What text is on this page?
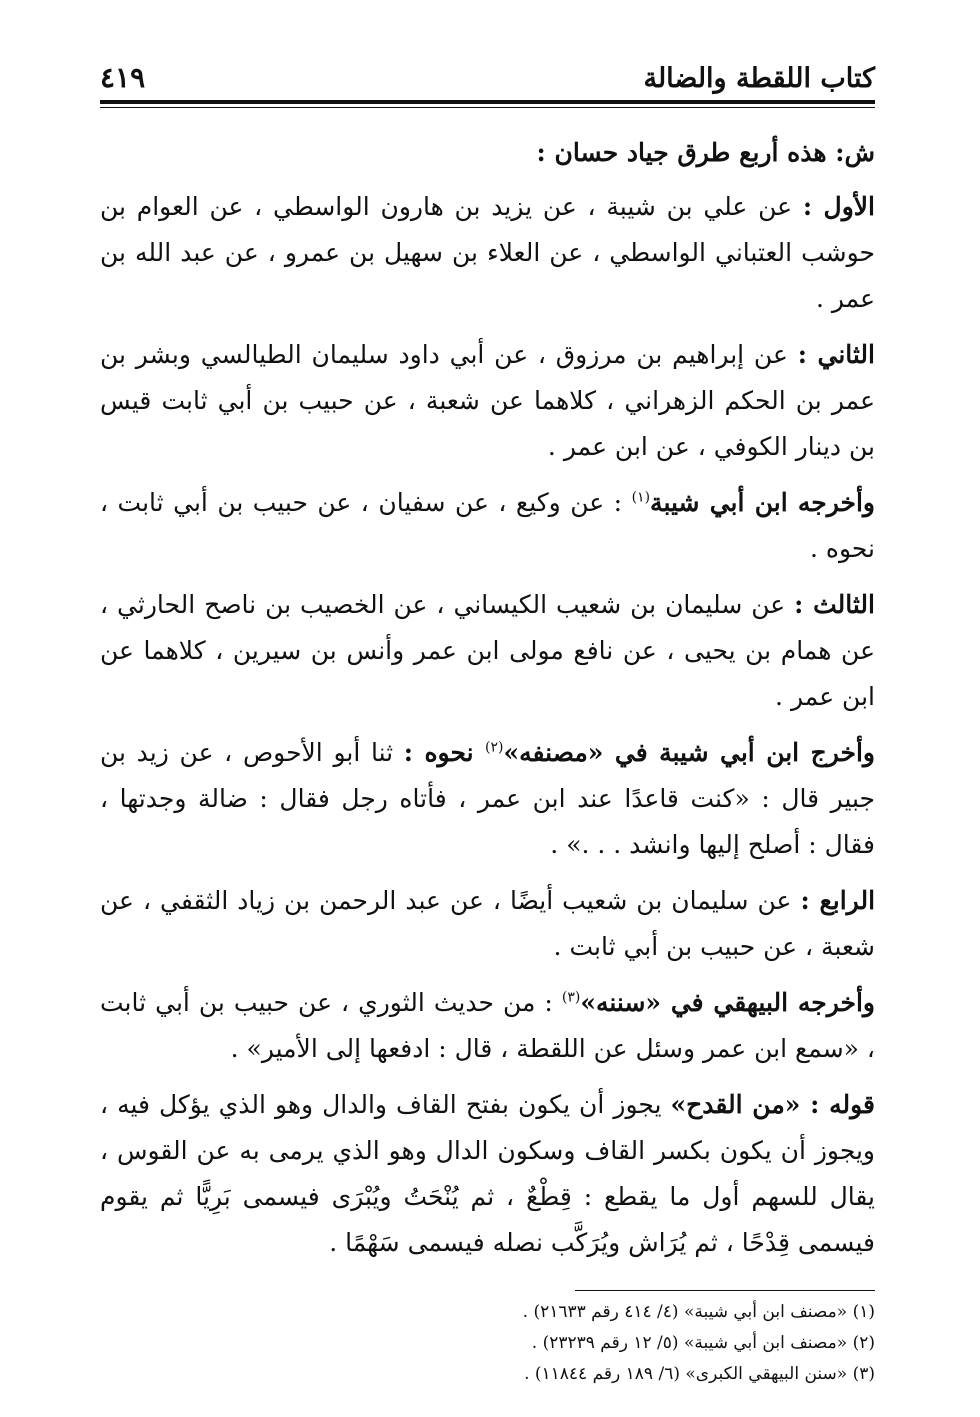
كتاب اللقطة والضالة
٤١٩

ش: هذه أربع طرق جياد حسان :

الأول : عن علي بن شيبة ، عن يزيد بن هارون الواسطي ، عن العوام بن حوشب العتباني الواسطي ، عن العلاء بن سهيل بن عمرو ، عن عبد الله بن عمر .

الثاني : عن إبراهيم بن مرزوق ، عن أبي داود سليمان الطيالسي وبشر بن عمر بن الحكم الزهراني ، كلاهما عن شعبة ، عن حبيب بن أبي ثابت قيس بن دينار الكوفي ، عن ابن عمر .

وأخرجه ابن أبي شيبة$^{(١)}$ : عن وكيع ، عن سفيان ، عن حبيب بن أبي ثابت ، نحوه .

الثالث : عن سليمان بن شعيب الكيساني ، عن الخصيب بن ناصح الحارثي ، عن همام بن يحيى ، عن نافع مولى ابن عمر وأنس بن سيرين ، كلاهما عن ابن عمر .

وأخرج ابن أبي شيبة في «مصنفه»$^{(٢)}$ نحوه : ثنا أبو الأحوص ، عن زيد بن جبير قال : «كنت قاعدًا عند ابن عمر ، فأتاه رجل فقال : ضالة وجدتها ، فقال : أصلح إليها وانشد . . .» .

الرابع : عن سليمان بن شعيب أيضًا ، عن عبد الرحمن بن زياد الثقفي ، عن شعبة ، عن حبيب بن أبي ثابت .

وأخرجه البيهقي في «سننه»$^{(٣)}$ : من حديث الثوري ، عن حبيب بن أبي ثابت ، «سمع ابن عمر وسئل عن اللقطة ، قال : ادفعها إلى الأمير» .

قوله : «من القدح» يجوز أن يكون بفتح القاف والدال وهو الذي يؤكل فيه ، ويجوز أن يكون بكسر القاف وسكون الدال وهو الذي يرمى به عن القوس ، يقال للسهم أول ما يقطع : قِطْعٌ ، ثم يُنْحَتُ ويُبْرَى فيسمى بَرِيًّا ثم يقوم فيسمى قِدْحًا ، ثم يُرَاش ويُرَكَّب نصله فيسمى سَهْمًا .

(١) «مصنف ابن أبي شيبة» (٤/ ٤١٤ رقم ٢١٦٣٣) .

(٢) «مصنف ابن أبي شيبة» (٥/ ١٢ رقم ٢٣٢٣٩) .

(٣) «سنن البيهقي الكبرى» (٦/ ١٨٩ رقم ١١٨٤٤) .
